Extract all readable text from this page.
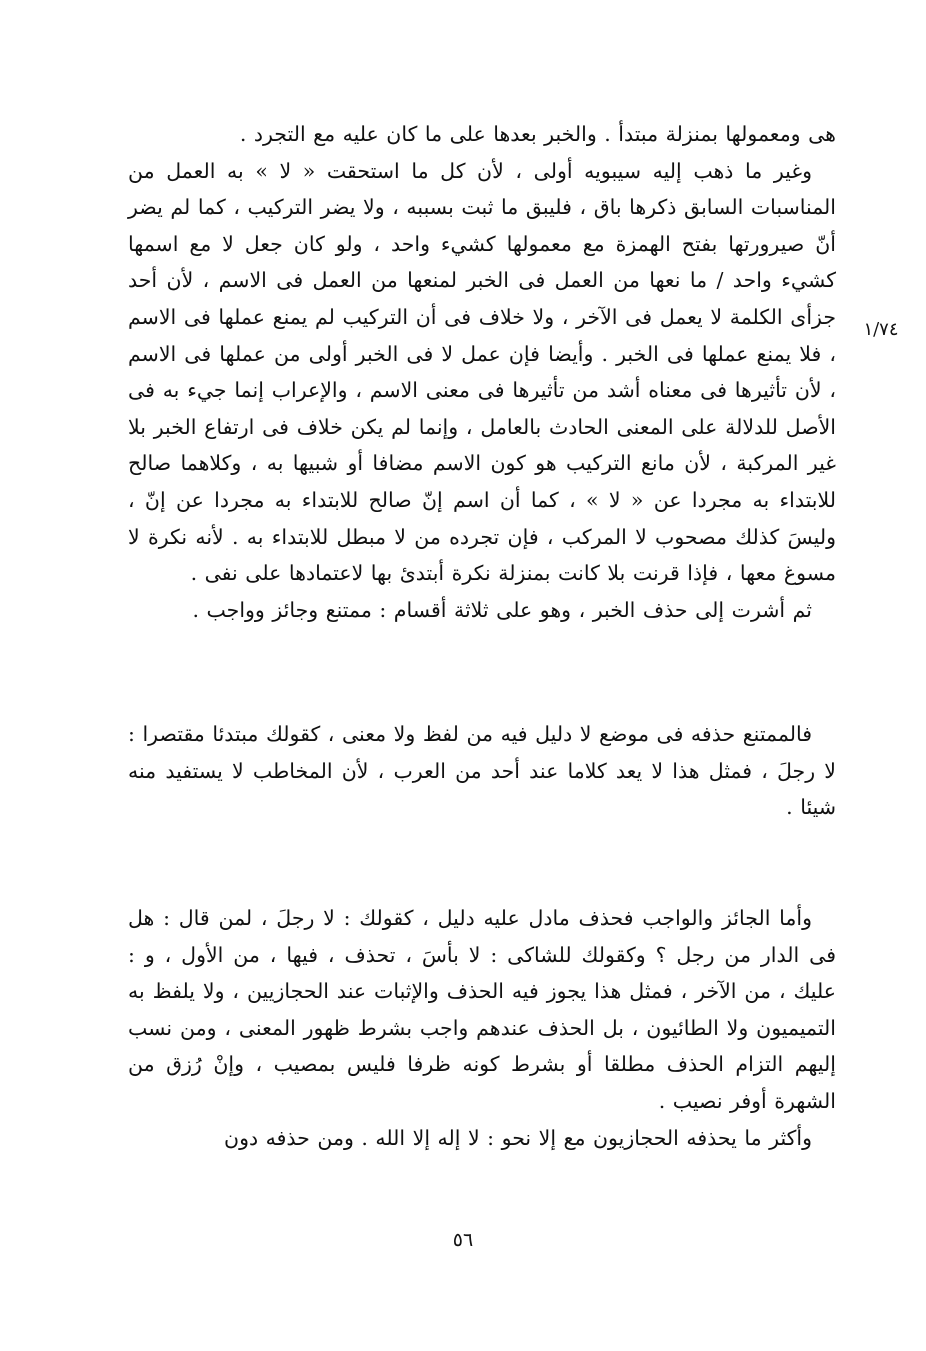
١/٧٤

هى ومعمولها بمنزلة مبتدأ . والخبر بعدها على ما كان عليه مع التجرد .

وغير ما ذهب إليه سيبويه أولى ، لأن كل ما استحقت « لا » به العمل من المناسبات السابق ذكرها باق ، فليبق ما ثبت بسببه ، ولا يضر التركيب ، كما لم يضر أنّ صيرورتها بفتح الهمزة مع معمولها كشيء واحد ، ولو كان جعل لا مع اسمها كشيء واحد / ما نعها من العمل فى الخبر لمنعها من العمل فى الاسم ، لأن أحد جزأى الكلمة لا يعمل فى الآخر ، ولا خلاف فى أن التركيب لم يمنع عملها فى الاسم ، فلا يمنع عملها فى الخبر . وأيضا فإن عمل لا فى الخبر أولى من عملها فى الاسم ، لأن تأثيرها فى معناه أشد من تأثيرها فى معنى الاسم ، والإعراب إنما جيء به فى الأصل للدلالة على المعنى الحادث بالعامل ، وإنما لم يكن خلاف فى ارتفاع الخبر بلا غير المركبة ، لأن مانع التركيب هو كون الاسم مضافا أو شبيها به ، وكلاهما صالح للابتداء به مجردا عن « لا » ، كما أن اسم إنّ صالح للابتداء به مجردا عن إنّ ، وليسَ كذلك مصحوب لا المركب ، فإن تجرده من لا مبطل للابتداء به . لأنه نكرة لا مسوغ معها ، فإذا قرنت بلا كانت بمنزلة نكرة أبتدئ بها لاعتمادها على نفى .

ثم أشرت إلى حذف الخبر ، وهو على ثلاثة أقسام : ممتنع وجائز وواجب .

فالممتنع حذفه فى موضع لا دليل فيه من لفظ ولا معنى ، كقولك مبتدئا مقتصرا : لا رجلَ ، فمثل هذا لا يعد كلاما عند أحد من العرب ، لأن المخاطب لا يستفيد منه شيئا .

وأما الجائز والواجب فحذف مادل عليه دليل ، كقولك : لا رجلَ ، لمن قال : هل فى الدار من رجل ؟ وكقولك للشاكى : لا بأسَ ، تحذف ، فيها ، من الأول ، و : عليك ، من الآخر ، فمثل هذا يجوز فيه الحذف والإثبات عند الحجازيين ، ولا يلفظ به التميميون ولا الطائيون ، بل الحذف عندهم واجب بشرط ظهور المعنى ، ومن نسب إليهم التزام الحذف مطلقا أو بشرط كونه ظرفا فليس بمصيب ، وإنْ رُزق من الشهرة أوفر نصيب .

وأكثر ما يحذفه الحجازيون مع إلا نحو : لا إله إلا الله . ومن حذفه دون

٥٦
